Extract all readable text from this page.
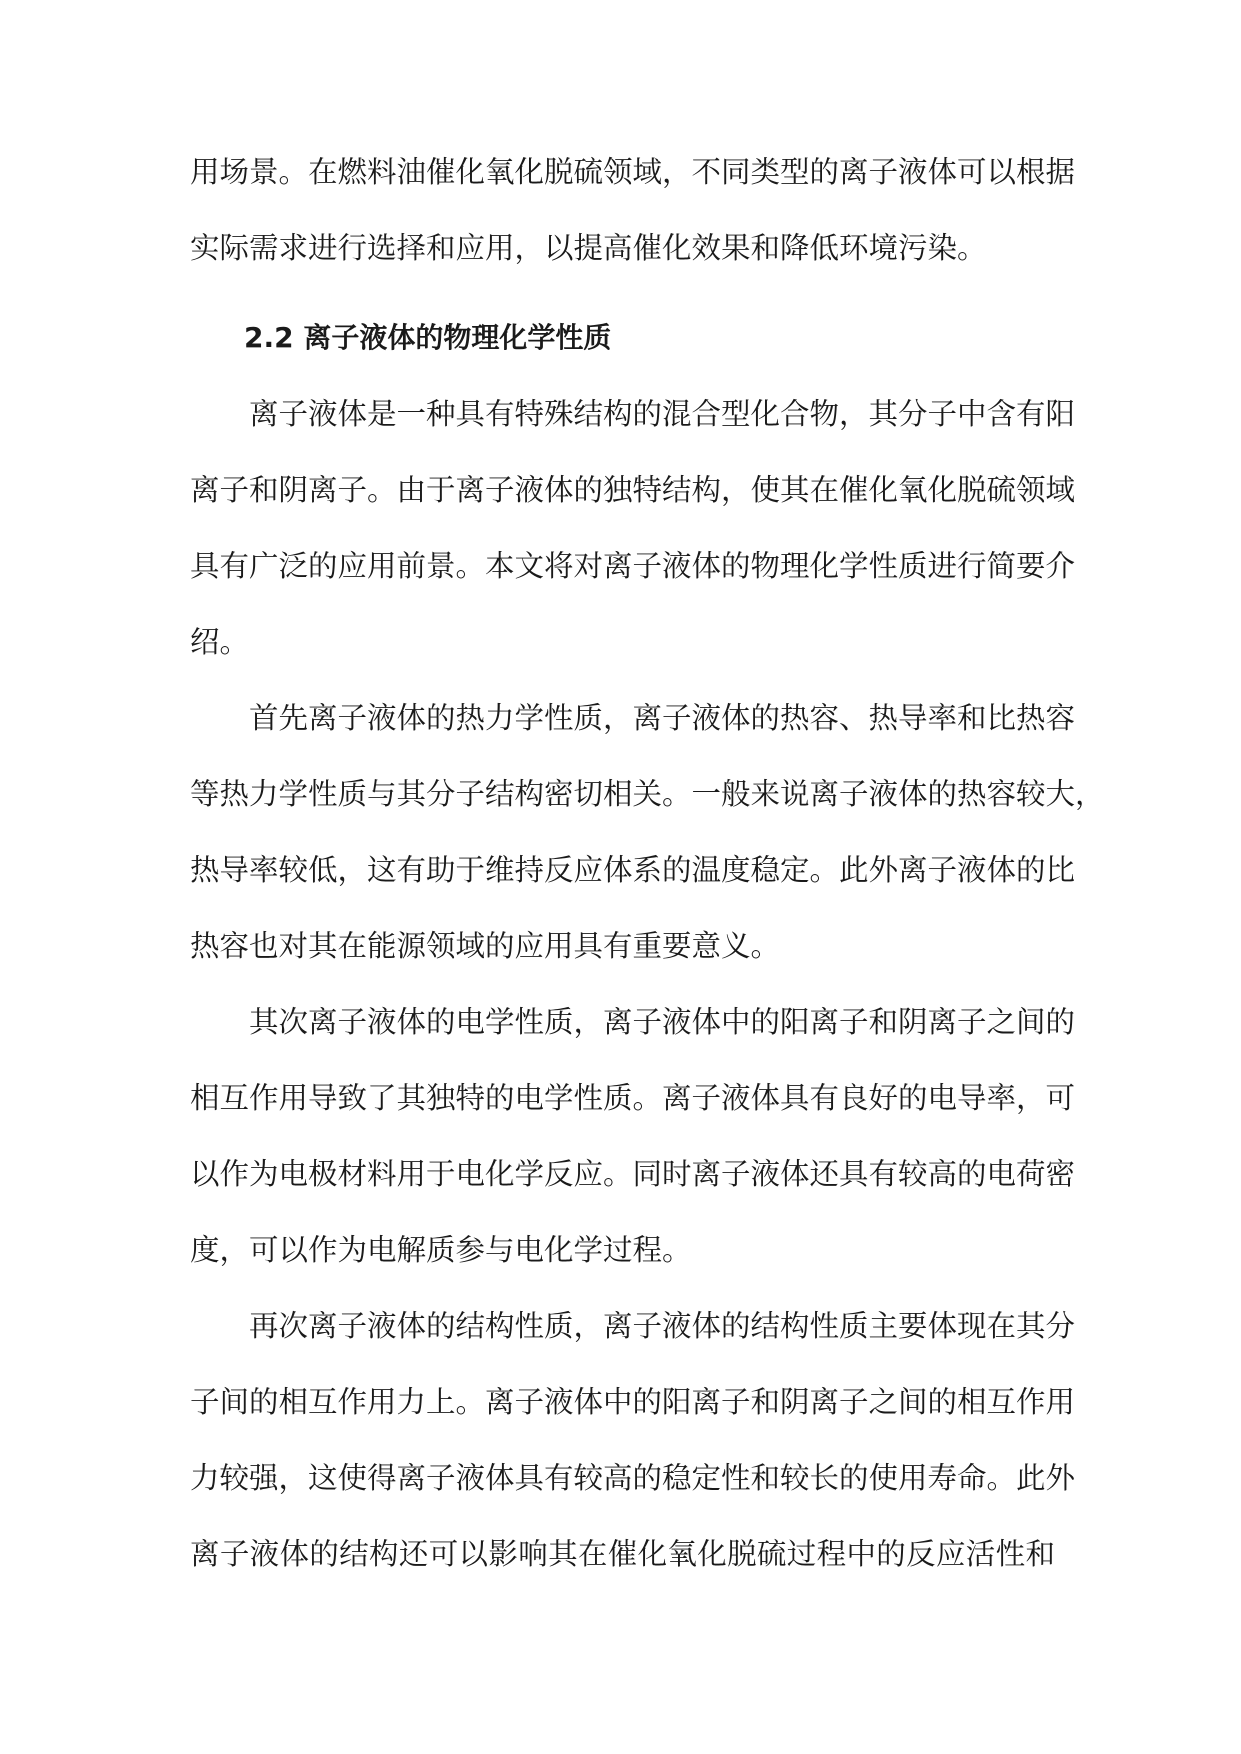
用场景。在燃料油催化氧化脱硫领域，不同类型的离子液体可以根据
实际需求进行选择和应用，以提高催化效果和降低环境污染。
2.2 离子液体的物理化学性质
离子液体是一种具有特殊结构的混合型化合物，其分子中含有阳
离子和阴离子。由于离子液体的独特结构，使其在催化氧化脱硫领域
具有广泛的应用前景。本文将对离子液体的物理化学性质进行简要介
绍。
首先离子液体的热力学性质，离子液体的热容、热导率和比热容
等热力学性质与其分子结构密切相关。一般来说离子液体的热容较大，
热导率较低，这有助于维持反应体系的温度稳定。此外离子液体的比
热容也对其在能源领域的应用具有重要意义。
其次离子液体的电学性质，离子液体中的阳离子和阴离子之间的
相互作用导致了其独特的电学性质。离子液体具有良好的电导率，可
以作为电极材料用于电化学反应。同时离子液体还具有较高的电荷密
度，可以作为电解质参与电化学过程。
再次离子液体的结构性质，离子液体的结构性质主要体现在其分
子间的相互作用力上。离子液体中的阳离子和阴离子之间的相互作用
力较强，这使得离子液体具有较高的稳定性和较长的使用寿命。此外
离子液体的结构还可以影响其在催化氧化脱硫过程中的反应活性和
